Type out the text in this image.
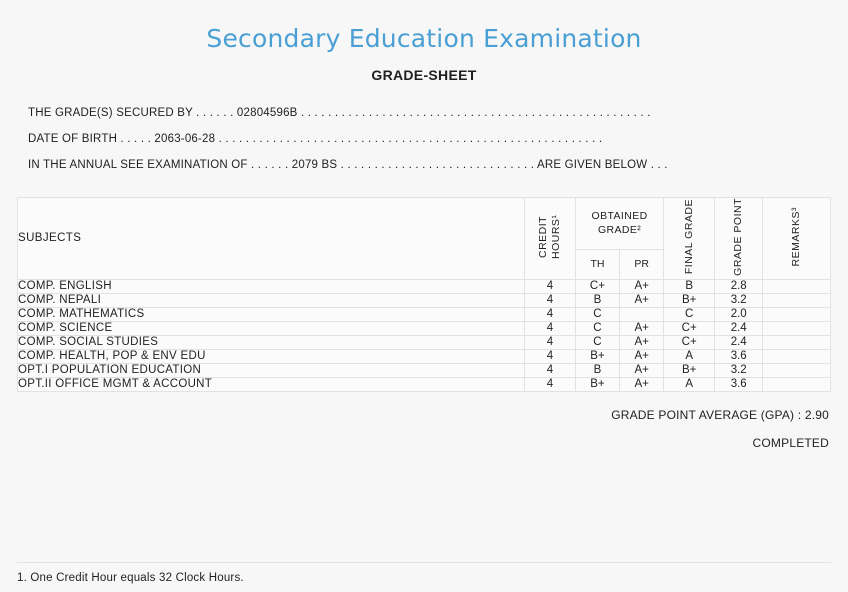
Secondary Education Examination
GRADE-SHEET
THE GRADE(S) SECURED BY . . . . . . 02804596B . . . . . . . . . . . . . . . . . . . . . . . . . . . . . . . . . . . . . . . . . . . . . . . . . . . .
DATE OF BIRTH . . . . . 2063-06-28 . . . . . . . . . . . . . . . . . . . . . . . . . . . . . . . . . . . . . . . . . . . . . . . . . . . . . . . . .
IN THE ANNUAL SEE EXAMINATION OF . . . . . . 2079 BS . . . . . . . . . . . . . . . . . . . . . . . . . . . . . ARE GIVEN BELOW . . .
SUBJECTS	CREDIT HOURS¹	OBTAINED GRADE²		FINAL GRADE	GRADE POINT	REMARKS³
		TH	PR			
COMP. ENGLISH	4	C+	A+	B	2.8	
COMP. NEPALI	4	B	A+	B+	3.2	
COMP. MATHEMATICS	4	C		C	2.0	
COMP. SCIENCE	4	C	A+	C+	2.4	
COMP. SOCIAL STUDIES	4	C	A+	C+	2.4	
COMP. HEALTH, POP & ENV EDU	4	B+	A+	A	3.6	
OPT.I POPULATION EDUCATION	4	B	A+	B+	3.2	
OPT.II OFFICE MGMT & ACCOUNT	4	B+	A+	A	3.6	
GRADE POINT AVERAGE (GPA) : 2.90
COMPLETED
1. One Credit Hour equals 32 Clock Hours.
